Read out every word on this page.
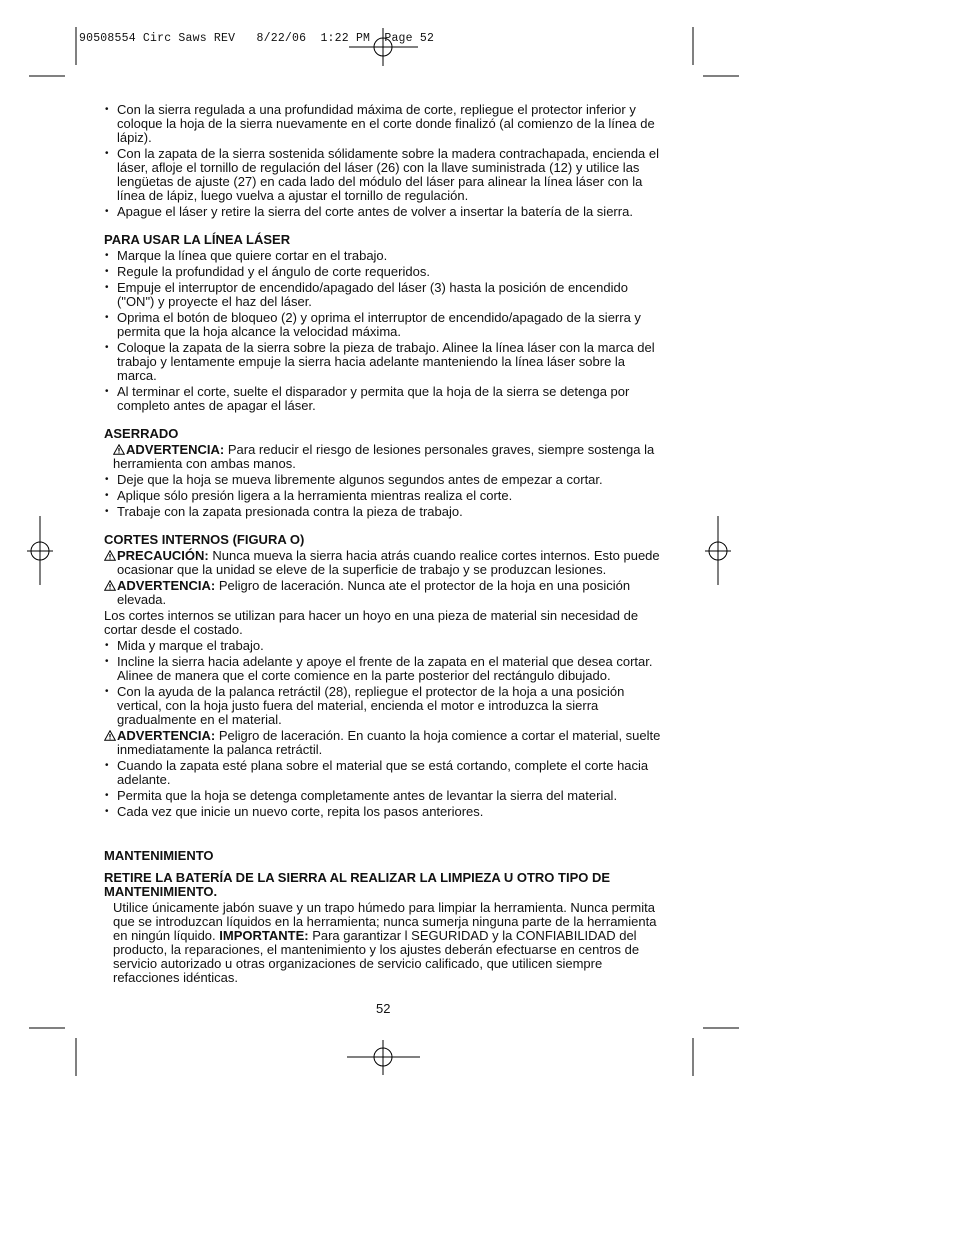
90508554 Circ Saws REV   8/22/06  1:22 PM  Page 52
• Con la sierra regulada a una profundidad máxima de corte, repliegue el protector inferior y coloque la hoja de la sierra nuevamente en el corte donde finalizó (al comienzo de la línea de lápiz).
• Con la zapata de la sierra sostenida sólidamente sobre la madera contrachapada, encienda el láser, afloje el tornillo de regulación del láser (26) con la llave suministrada (12) y utilice las lengüetas de ajuste (27) en cada lado del módulo del láser para alinear la línea láser con la línea de lápiz, luego vuelva a ajustar el tornillo de regulación.
• Apague el láser y retire la sierra del corte antes de volver a insertar la batería de la sierra.
PARA USAR LA LÍNEA LÁSER
• Marque la línea que quiere cortar en el trabajo.
• Regule la profundidad y el ángulo de corte requeridos.
• Empuje el interruptor de encendido/apagado del láser (3) hasta la posición de encendido ("ON") y proyecte el haz del láser.
• Oprima el botón de bloqueo (2) y oprima el interruptor de encendido/apagado de la sierra y permita que la hoja alcance la velocidad máxima.
• Coloque la zapata de la sierra sobre la pieza de trabajo. Alinee la línea láser con la marca del trabajo y lentamente empuje la sierra hacia adelante manteniendo la línea láser sobre la marca.
• Al terminar el corte, suelte el disparador y permita que la hoja de la sierra se detenga por completo antes de apagar el láser.
ASERRADO

ADVERTENCIA: Para reducir el riesgo de lesiones personales graves, siempre sostenga la herramienta con ambas manos.

• Deje que la hoja se mueva libremente algunos segundos antes de empezar a cortar.
• Aplique sólo presión ligera a la herramienta mientras realiza el corte.
• Trabaje con la zapata presionada contra la pieza de trabajo.
CORTES INTERNOS (FIGURA O)

PRECAUCIÓN: Nunca mueva la sierra hacia atrás cuando realice cortes internos. Esto puede ocasionar que la unidad se eleve de la superficie de trabajo y se produzcan lesiones.

ADVERTENCIA: Peligro de laceración. Nunca ate el protector de la hoja en una posición elevada.

Los cortes internos se utilizan para hacer un hoyo en una pieza de material sin necesidad de cortar desde el costado.

• Mida y marque el trabajo.
• Incline la sierra hacia adelante y apoye el frente de la zapata en el material que desea cortar. Alinee de manera que el corte comience en la parte posterior del rectángulo dibujado.
• Con la ayuda de la palanca retráctil (28), repliegue el protector de la hoja a una posición vertical, con la hoja justo fuera del material, encienda el motor e introduzca la sierra gradualmente en el material.

ADVERTENCIA: Peligro de laceración. En cuanto la hoja comience a cortar el material, suelte inmediatamente la palanca retráctil.

• Cuando la zapata esté plana sobre el material que se está cortando, complete el corte hacia adelante.
• Permita que la hoja se detenga completamente antes de levantar la sierra del material.
• Cada vez que inicie un nuevo corte, repita los pasos anteriores.
MANTENIMIENTO

RETIRE LA BATERÍA DE LA SIERRA AL REALIZAR LA LIMPIEZA U OTRO TIPO DE MANTENIMIENTO.

Utilice únicamente jabón suave y un trapo húmedo para limpiar la herramienta. Nunca permita que se introduzcan líquidos en la herramienta; nunca sumerja ninguna parte de la herramienta en ningún líquido. IMPORTANTE: Para garantizar l SEGURIDAD y la CONFIABILIDAD del producto, la reparaciones, el mantenimiento y los ajustes deberán efectuarse en centros de servicio autorizado u otras organizaciones de servicio calificado, que utilicen siempre refacciones idénticas.

52
